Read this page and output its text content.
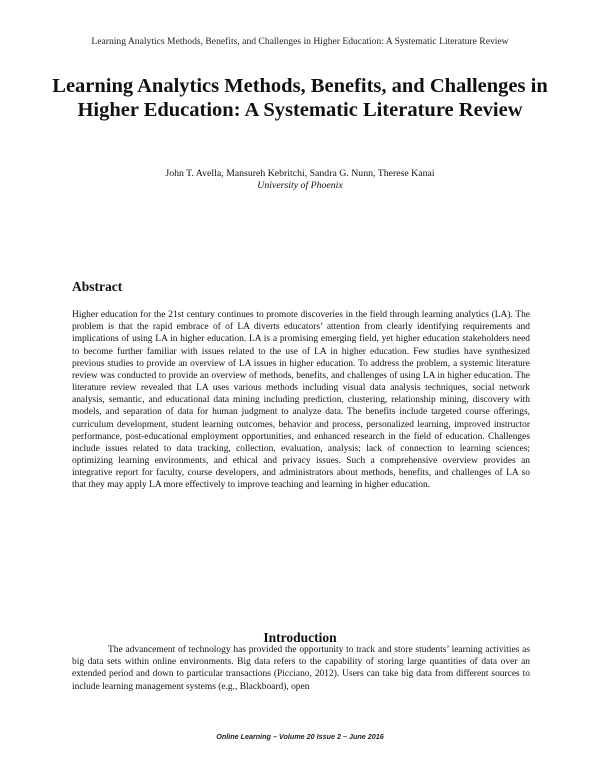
Learning Analytics Methods, Benefits, and Challenges in Higher Education: A Systematic Literature Review
Learning Analytics Methods, Benefits, and Challenges in Higher Education: A Systematic Literature Review
John T. Avella, Mansureh Kebritchi, Sandra G. Nunn, Therese Kanai
University of Phoenix
Abstract

Higher education for the 21st century continues to promote discoveries in the field through learning analytics (LA). The problem is that the rapid embrace of of LA diverts educators’ attention from clearly identifying requirements and implications of using LA in higher education. LA is a promising emerging field, yet higher education stakeholders need to become further familiar with issues related to the use of LA in higher education. Few studies have synthesized previous studies to provide an overview of LA issues in higher education. To address the problem, a systemic literature review was conducted to provide an overview of methods, benefits, and challenges of using LA in higher education. The literature review revealed that LA uses various methods including visual data analysis techniques, social network analysis, semantic, and educational data mining including prediction, clustering, relationship mining, discovery with models, and separation of data for human judgment to analyze data. The benefits include targeted course offerings, curriculum development, student learning outcomes, behavior and process, personalized learning, improved instructor performance, post-educational employment opportunities, and enhanced research in the field of education. Challenges include issues related to data tracking, collection, evaluation, analysis; lack of connection to learning sciences; optimizing learning environments, and ethical and privacy issues. Such a comprehensive overview provides an integrative report for faculty, course developers, and administrators about methods, benefits, and challenges of LA so that they may apply LA more effectively to improve teaching and learning in higher education.

Introduction

The advancement of technology has provided the opportunity to track and store students’ learning activities as big data sets within online environments. Big data refers to the capability of storing large quantities of data over an extended period and down to particular transactions (Picciano, 2012). Users can take big data from different sources to include learning management systems (e.g., Blackboard), open

Online Learning – Volume 20 Issue 2 – June 2016
